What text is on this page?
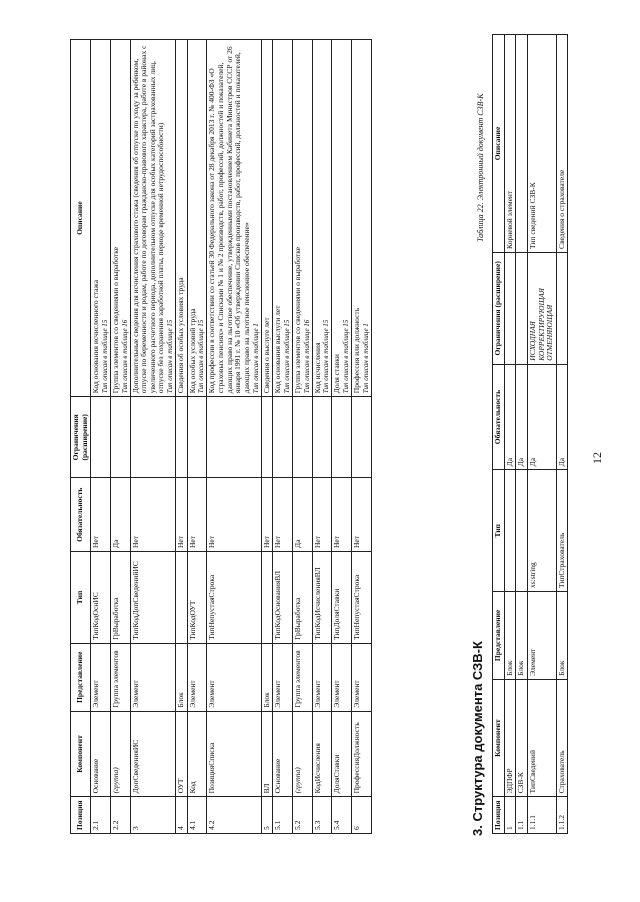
12
Позиция	Компонент	Представление	Тип	Обязательность	Ограничения (расширение)	Описание
2.1	Основание	Элемент	ТипКодОснИС	Нет		Код основания исчисленного стажа Тип описан в таблице 15

2.2	(группа)	Группа элементов	ГрВыработка	Да		Группа элементов со сведениями о выработке Тип описан в таблице 16

3	ДопСведенияИС	Элемент	ТипКодДопСведенийИС	Нет		Дополнительные сведения для исчисления страхового стажа (сведения об отпуске по уходу за ребенком, отпуске по беременности и родам, работе по договорам гражданско-правового характера, работе в районах с увеличенного расчетного периода, дополнительном отпуске для особых категорий застрахованных лиц, отпуске без сохранения заработной платы, периоде временной нетрудоспособности) Тип описан в таблице 15

4	ОУТ	Блок		Нет		Сведения об особых условиях труда
4.1	Код	Элемент	ТипКодОУТ	Нет		Код особых условий труда Тип описан в таблице 15

4.2	ПозицияСписка	Элемент	ТипНепустаяСтрока	Нет		Код профессии в соответствии со статьей 30 Федерального закона от 28 декабря 2013 г. № 400-ФЗ «О страховых пенсиях» и Списками № 1 и № 2 производств, работ, профессий, должностей и показателей, дающих право на льготное обеспечение, утвержденными постановлением Кабинета Министров СССР от 26 января 1991 г. № 10 «Об утверждении Списков производств, работ, профессий, должностей и показателей, дающих право на льготное пенсионное обеспечение» Тип описан в таблице 1

5	ВЛ	Блок		Нет		Сведения о выслуге лет
5.1	Основание	Элемент	ТипКодОснованияВЛ	Нет		Код основания выслуги лет Тип описан в таблице 15

5.2	(группа)	Группа элементов	ГрВыработка	Да		Группа элементов со сведениями о выработке Тип описан в таблице 16

5.3	КодИсчисления	Элемент	ТипКодИсчисленияВЛ	Нет		Код исчисления Тип описан в таблице 15

5.4	ДоляСтавки	Элемент	ТипДоляСтавки	Нет		Доля ставки Тип описан в таблице 15

6	ПрофессияДолжность	Элемент	ТипНепустаяСтрока	Нет		Профессия или должность Тип описан в таблице 1
3. Структура документа СЗВ-К
Таблица 22. Электронный документ СЗВ-К
Позиция	Компонент	Представление	Тип	Обязательность	Ограничения (расширение)	Описание
1	ЭДПФР	Блок		Да		Корневой элемент
1.1	СЗВ-К	Блок		Да		
1.1.1	ТипСведений	Элемент	xs:string	Да	ИСХОДНАЯ
КОРРЕКТИРУЮЩАЯ
ОТМЕНЯЮЩАЯ	Тип сведений СЗВ-К
1.1.2	Страхователь	Блок	ТипСтрахователь	Да		Сведения о страхователе
